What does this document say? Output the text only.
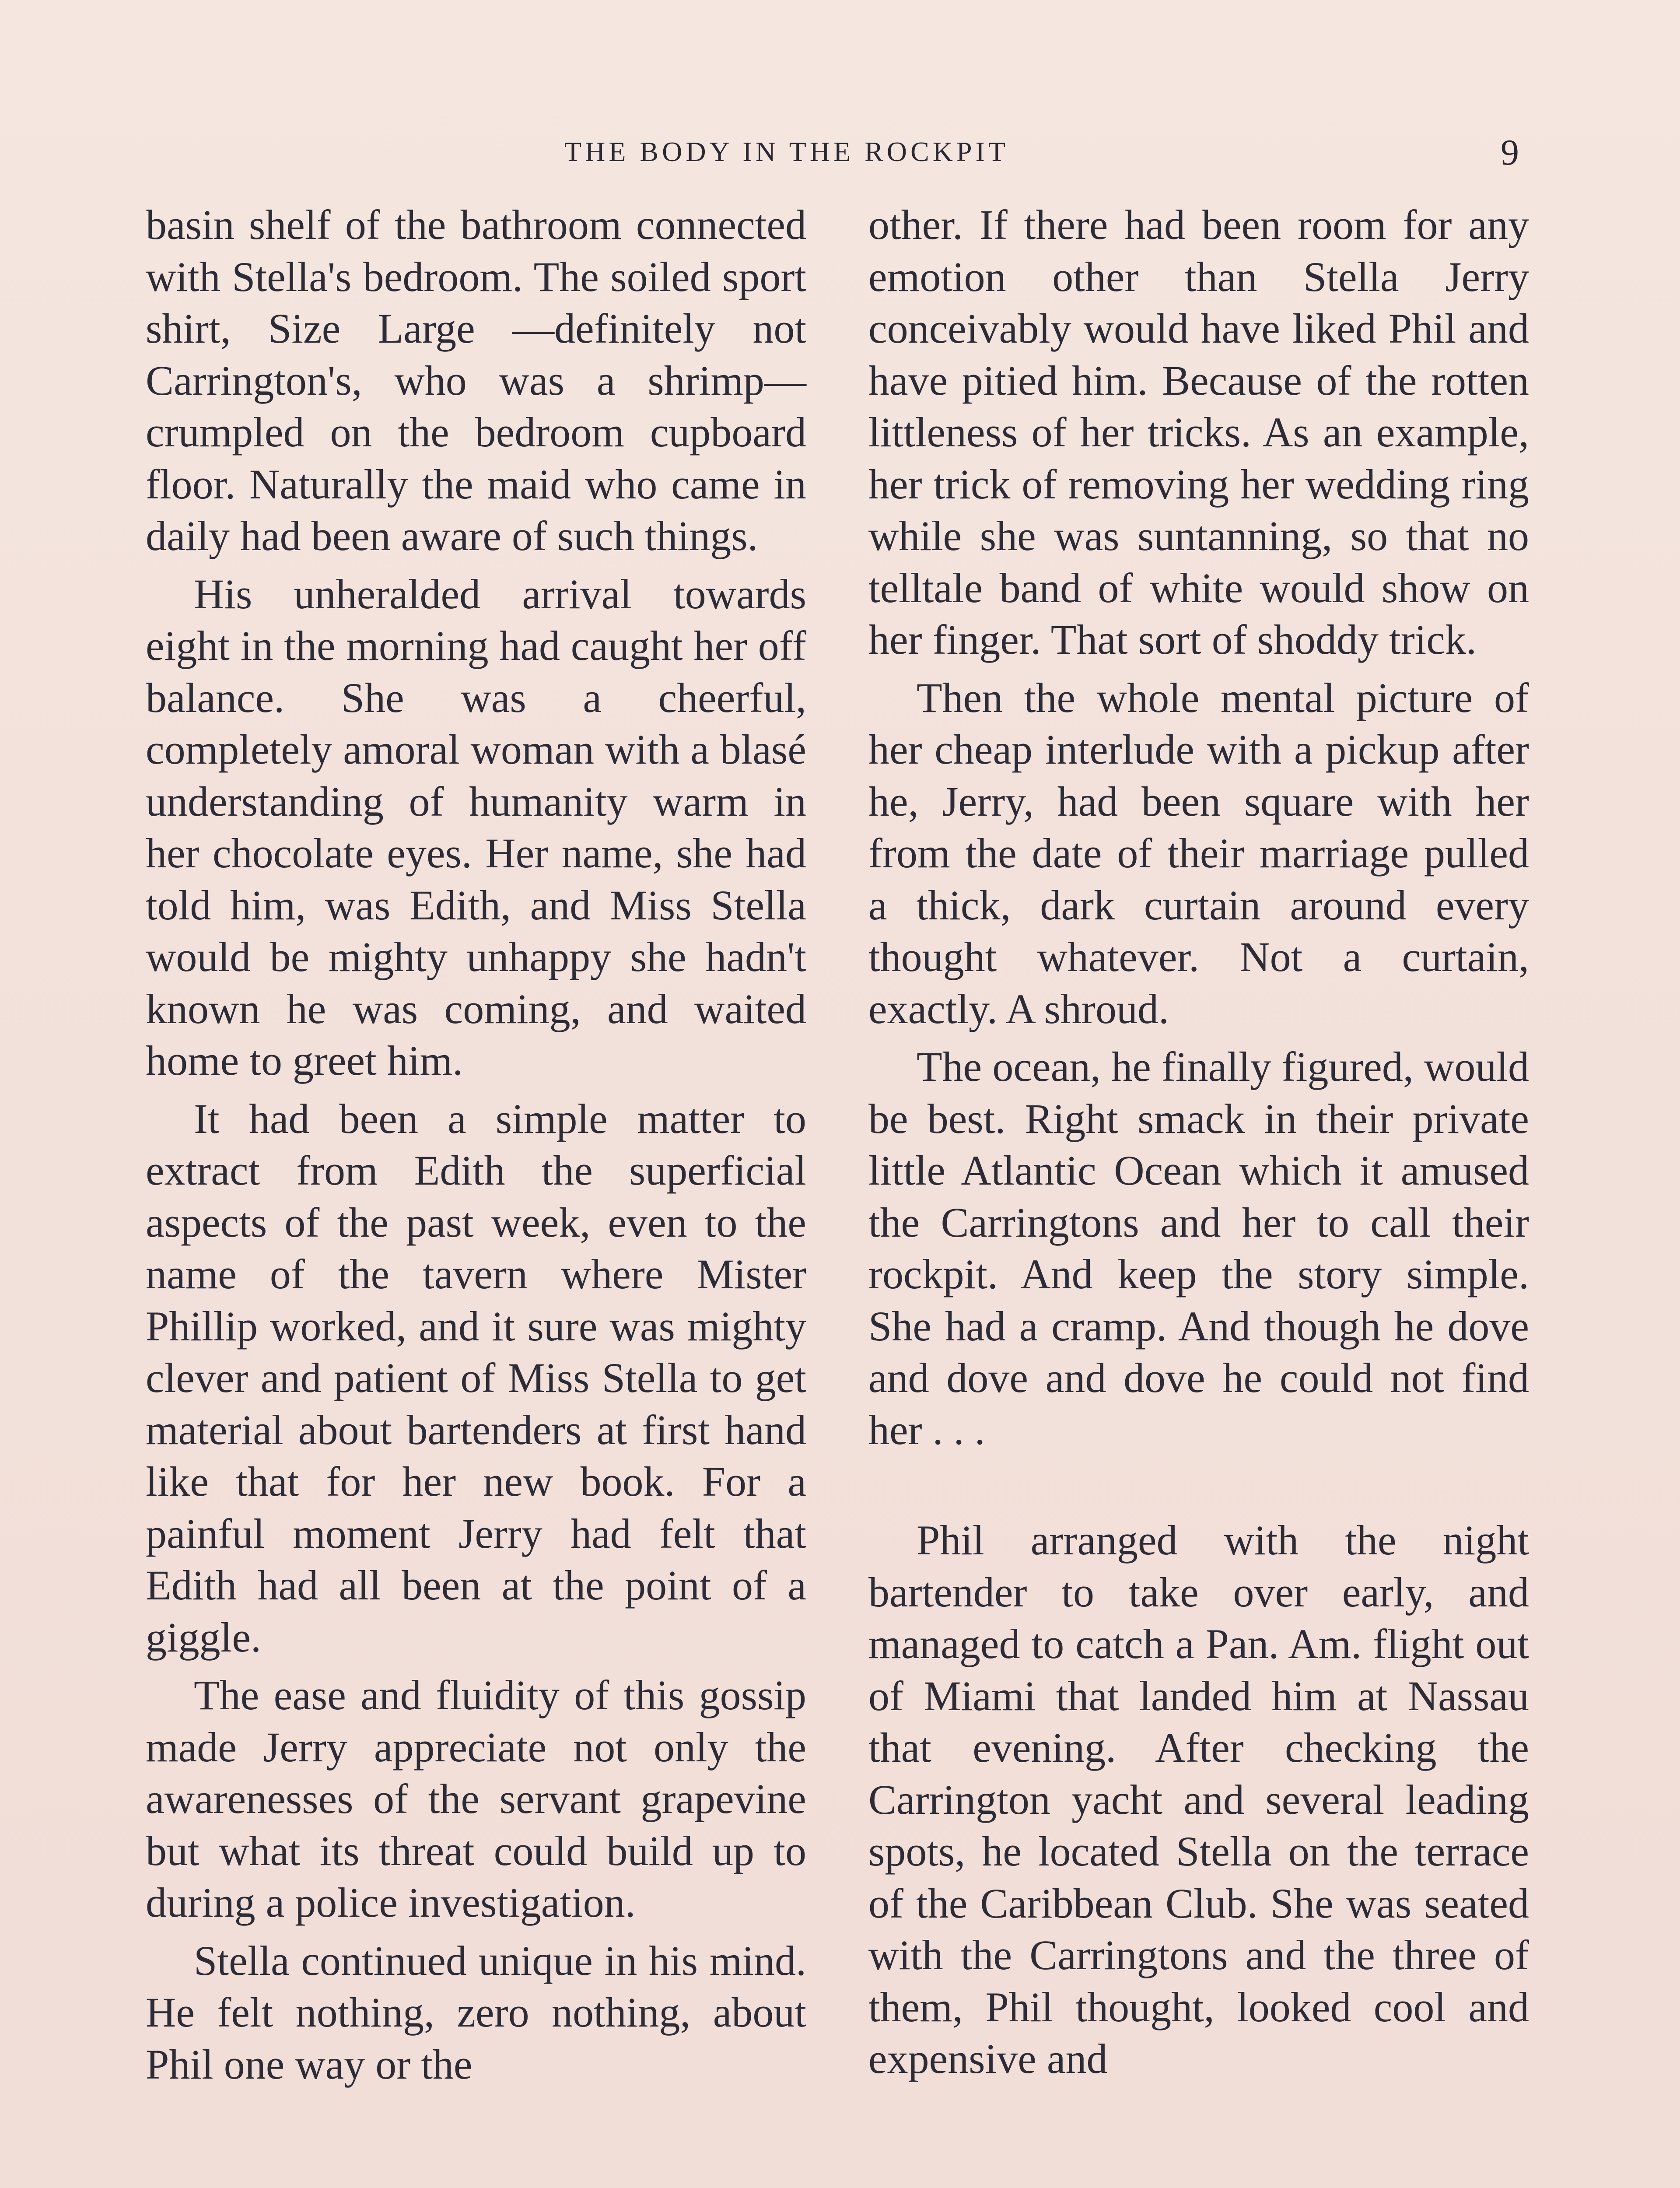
THE BODY IN THE ROCKPIT	9

basin shelf of the bathroom connected with Stella's bedroom. The soiled sport shirt, Size Large —definitely not Carrington's, who was a shrimp—crumpled on the bedroom cupboard floor. Naturally the maid who came in daily had been aware of such things.

His unheralded arrival towards eight in the morning had caught her off balance. She was a cheerful, completely amoral woman with a blasé understanding of humanity warm in her chocolate eyes. Her name, she had told him, was Edith, and Miss Stella would be mighty unhappy she hadn't known he was coming, and waited home to greet him.

It had been a simple matter to extract from Edith the superficial aspects of the past week, even to the name of the tavern where Mister Phillip worked, and it sure was mighty clever and patient of Miss Stella to get material about bartenders at first hand like that for her new book. For a painful moment Jerry had felt that Edith had all been at the point of a giggle.

The ease and fluidity of this gossip made Jerry appreciate not only the awarenesses of the servant grapevine but what its threat could build up to during a police investigation.

Stella continued unique in his mind. He felt nothing, zero nothing, about Phil one way or the

other. If there had been room for any emotion other than Stella Jerry conceivably would have liked Phil and have pitied him. Because of the rotten littleness of her tricks. As an example, her trick of removing her wedding ring while she was suntanning, so that no telltale band of white would show on her finger. That sort of shoddy trick.

Then the whole mental picture of her cheap interlude with a pickup after he, Jerry, had been square with her from the date of their marriage pulled a thick, dark curtain around every thought whatever. Not a curtain, exactly. A shroud.

The ocean, he finally figured, would be best. Right smack in their private little Atlantic Ocean which it amused the Carringtons and her to call their rockpit. And keep the story simple. She had a cramp. And though he dove and dove and dove he could not find her . . .

Phil arranged with the night bartender to take over early, and managed to catch a Pan. Am. flight out of Miami that landed him at Nassau that evening. After checking the Carrington yacht and several leading spots, he located Stella on the terrace of the Caribbean Club. She was seated with the Carringtons and the three of them, Phil thought, looked cool and expensive and
